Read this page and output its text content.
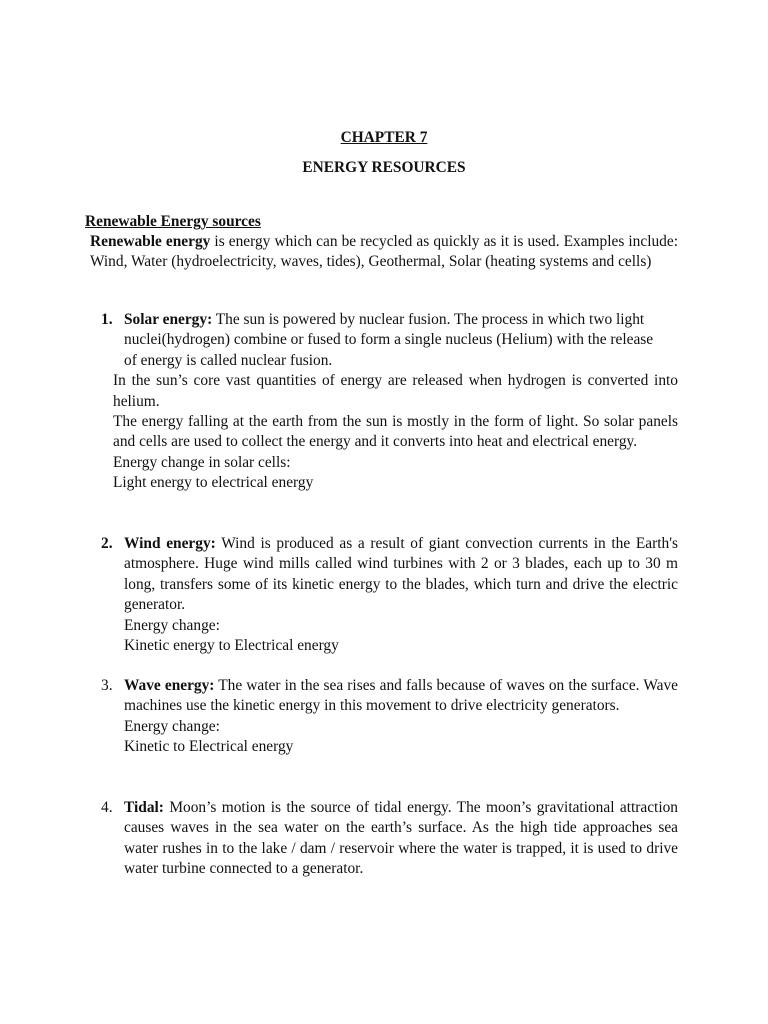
CHAPTER 7
ENERGY RESOURCES
Renewable Energy sources
Renewable energy is energy which can be recycled as quickly as it is used. Examples include: Wind, Water (hydroelectricity, waves, tides), Geothermal, Solar (heating systems and cells)
1. Solar energy: The sun is powered by nuclear fusion. The process in which two light nuclei(hydrogen) combine or fused to form a single nucleus (Helium) with the release of energy is called nuclear fusion.

In the sun’s core vast quantities of energy are released when hydrogen is converted into helium.

The energy falling at the earth from the sun is mostly in the form of light. So solar panels and cells are used to collect the energy and it converts into heat and electrical energy.

Energy change in solar cells:

Light energy to electrical energy

2. Wind energy: Wind is produced as a result of giant convection currents in the Earth's atmosphere. Huge wind mills called wind turbines with 2 or 3 blades, each up to 30 m long, transfers some of its kinetic energy to the blades, which turn and drive the electric generator.

Energy change:

Kinetic energy to Electrical energy

3. Wave energy: The water in the sea rises and falls because of waves on the surface. Wave machines use the kinetic energy in this movement to drive electricity generators.

Energy change:

Kinetic to Electrical energy

4. Tidal: Moon’s motion is the source of tidal energy. The moon’s gravitational attraction causes waves in the sea water on the earth’s surface. As the high tide approaches sea water rushes in to the lake / dam / reservoir where the water is trapped, it is used to drive water turbine connected to a generator.
